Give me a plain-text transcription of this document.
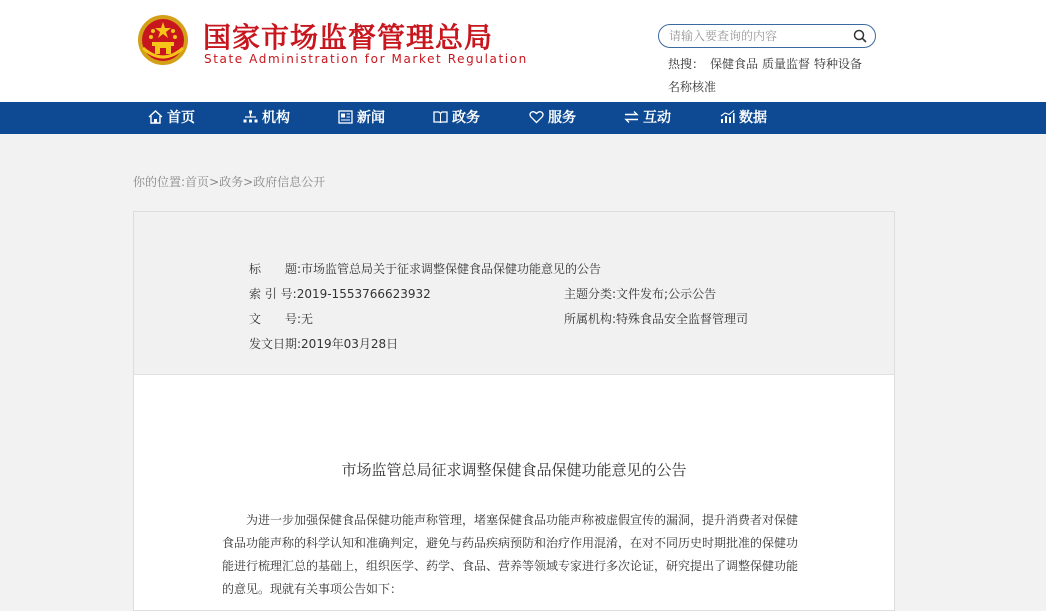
国家市场监督管理总局
State Administration for Market Regulation
请输入要查询的内容	热搜： 保健食品 质量监督 特种设备
名称核准
首页	机构	新闻	政务	服务	互动	数据
你的位置:首页>政务>政府信息公开
标　　题:市场监管总局关于征求调整保健食品保健功能意见的公告
索 引 号:2019-1553766623932	主题分类:文件发布;公示公告
文　　号:无	所属机构:特殊食品安全监督管理司
发文日期:2019年03月28日
市场监管总局征求调整保健食品保健功能意见的公告

为进一步加强保健食品保健功能声称管理，堵塞保健食品功能声称被虚假宣传的漏洞，提升消费者对保健食品功能声称的科学认知和准确判定，避免与药品疾病预防和治疗作用混淆，在对不同历史时期批准的保健功能进行梳理汇总的基础上，组织医学、药学、食品、营养等领域专家进行多次论证，研究提出了调整保健功能的意见。现就有关事项公告如下：
